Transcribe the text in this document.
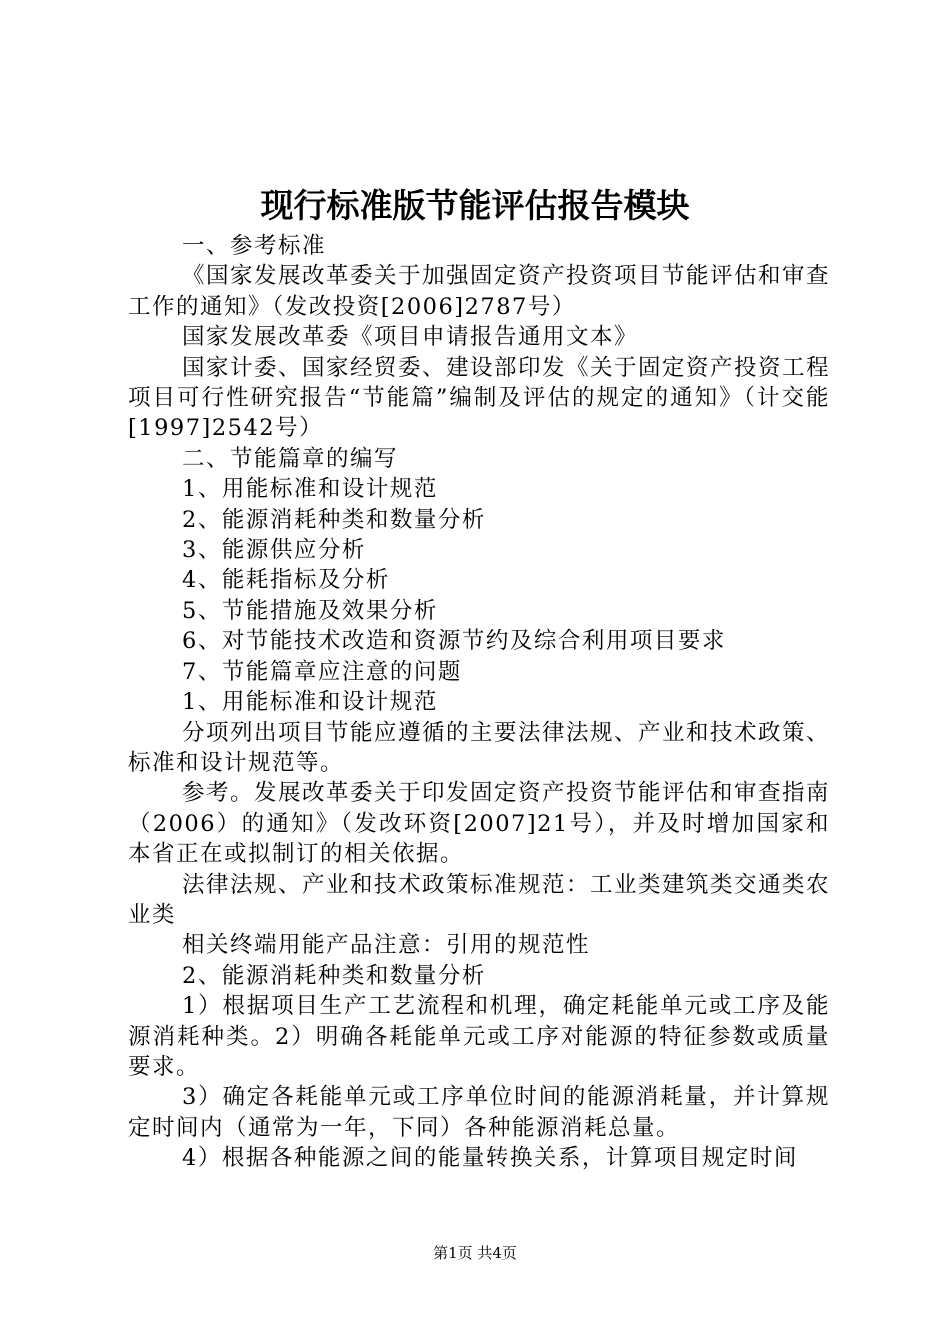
现行标准版节能评估报告模块

一、参考标准

《国家发展改革委关于加强固定资产投资项目节能评估和审查工作的通知》（发改投资[2006]2787号）

国家发展改革委《项目申请报告通用文本》

国家计委、国家经贸委、建设部印发《关于固定资产投资工程项目可行性研究报告“节能篇”编制及评估的规定的通知》（计交能[1997]2542号）

二、节能篇章的编写

1、用能标准和设计规范

2、能源消耗种类和数量分析

3、能源供应分析

4、能耗指标及分析

5、节能措施及效果分析

6、对节能技术改造和资源节约及综合利用项目要求

7、节能篇章应注意的问题

1、用能标准和设计规范

分项列出项目节能应遵循的主要法律法规、产业和技术政策、标准和设计规范等。

参考。发展改革委关于印发固定资产投资节能评估和审查指南（2006）的通知》（发改环资[2007]21号），并及时增加国家和本省正在或拟制订的相关依据。

法律法规、产业和技术政策标准规范：工业类建筑类交通类农业类

相关终端用能产品注意：引用的规范性

2、能源消耗种类和数量分析

1）根据项目生产工艺流程和机理，确定耗能单元或工序及能源消耗种类。2）明确各耗能单元或工序对能源的特征参数或质量要求。

3）确定各耗能单元或工序单位时间的能源消耗量，并计算规定时间内（通常为一年，下同）各种能源消耗总量。

4）根据各种能源之间的能量转换关系，计算项目规定时间

第1页 共4页
